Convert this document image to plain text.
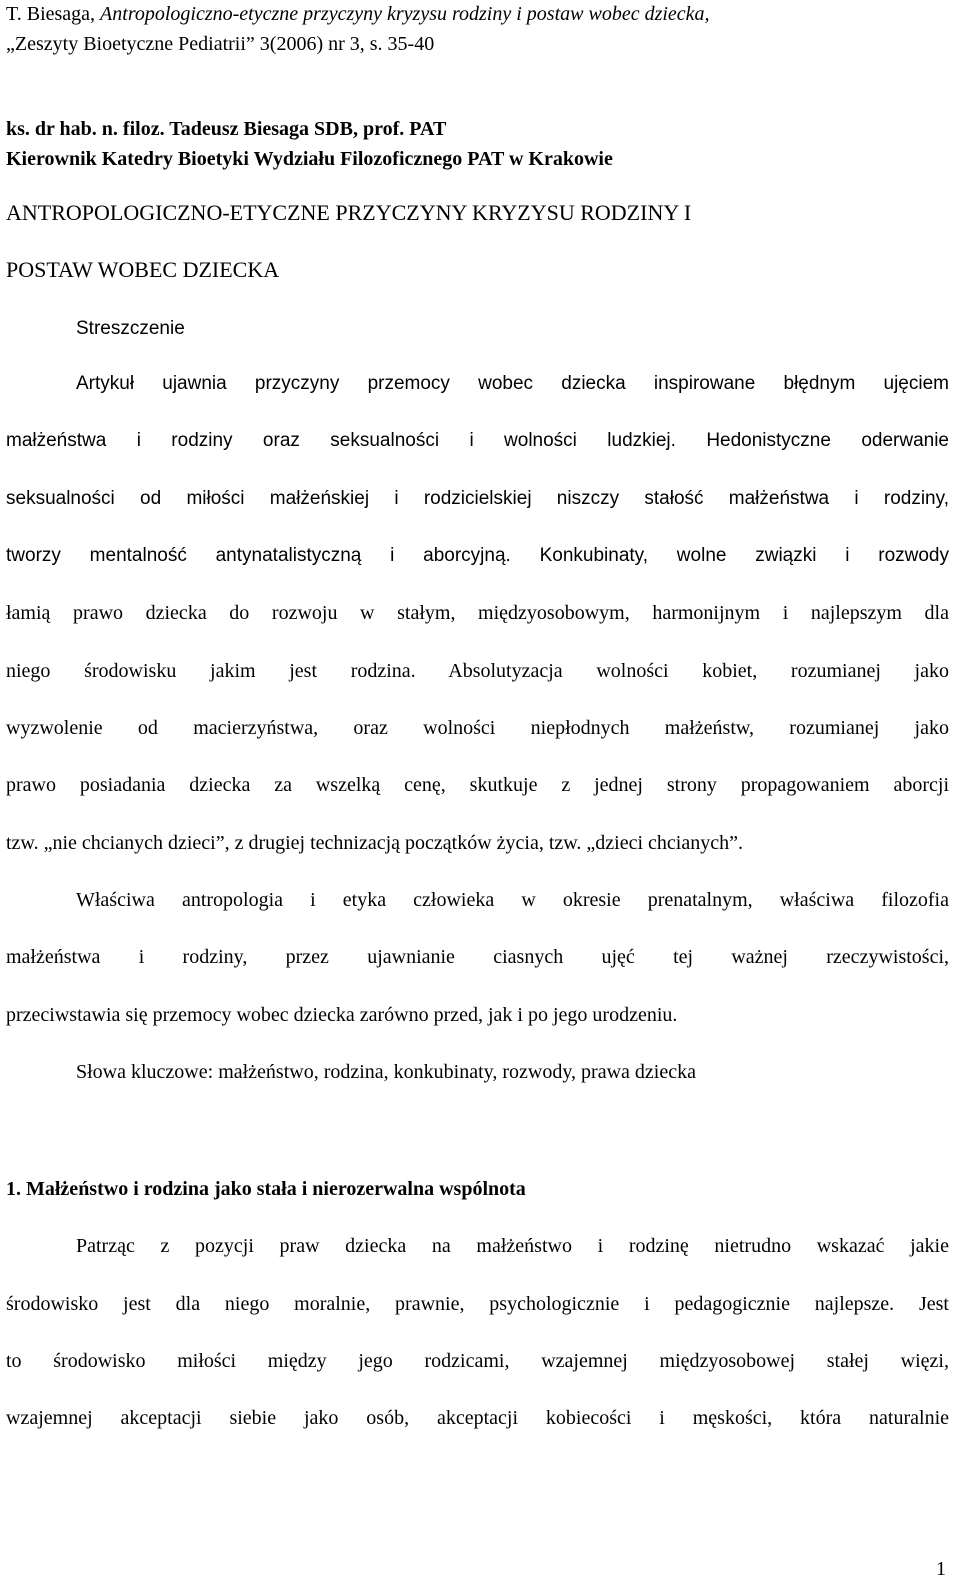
T. Biesaga, Antropologiczno-etyczne przyczyny kryzysu rodziny i postaw wobec dziecka,
„Zeszyty Bioetyczne Pediatrii” 3(2006) nr 3, s. 35-40
ks. dr hab. n. filoz. Tadeusz Biesaga SDB, prof. PAT
Kierownik Katedry Bioetyki Wydziału Filozoficznego PAT w Krakowie
ANTROPOLOGICZNO-ETYCZNE PRZYCZYNY KRYZYSU RODZINY I
POSTAW WOBEC DZIECKA
Streszczenie
Artykuł ujawnia przyczyny przemocy wobec dziecka inspirowane błędnym ujęciem
małżeństwa i rodziny oraz seksualności i wolności ludzkiej. Hedonistyczne oderwanie
seksualności od miłości małżeńskiej i rodzicielskiej niszczy stałość małżeństwa i rodziny,
tworzy mentalność antynatalistyczną i aborcyjną. Konkubinaty, wolne związki i rozwody
łamią prawo dziecka do rozwoju w stałym, międzyosobowym, harmonijnym i najlepszym dla
niego środowisku jakim jest rodzina. Absolutyzacja wolności kobiet, rozumianej jako
wyzwolenie od macierzyństwa, oraz wolności niepłodnych małżeństw, rozumianej jako
prawo posiadania dziecka za wszelką cenę, skutkuje z jednej strony propagowaniem aborcji
tzw. „nie chcianych dzieci”, z drugiej technizacją początków życia, tzw. „dzieci chcianych”.
Właściwa antropologia i etyka człowieka w okresie prenatalnym, właściwa filozofia
małżeństwa i rodziny, przez ujawnianie ciasnych ujęć tej ważnej rzeczywistości,
przeciwstawia się przemocy wobec dziecka zarówno przed, jak i po jego urodzeniu.
Słowa kluczowe: małżeństwo, rodzina, konkubinaty, rozwody, prawa dziecka
1. Małżeństwo i rodzina jako stała i nierozerwalna wspólnota
Patrząc z pozycji praw dziecka na małżeństwo i rodzinę nietrudno wskazać jakie
środowisko jest dla niego moralnie, prawnie, psychologicznie i pedagogicznie najlepsze. Jest
to środowisko miłości między jego rodzicami, wzajemnej międzyosobowej stałej więzi,
wzajemnej akceptacji siebie jako osób, akceptacji kobiecości i męskości, która naturalnie
1
